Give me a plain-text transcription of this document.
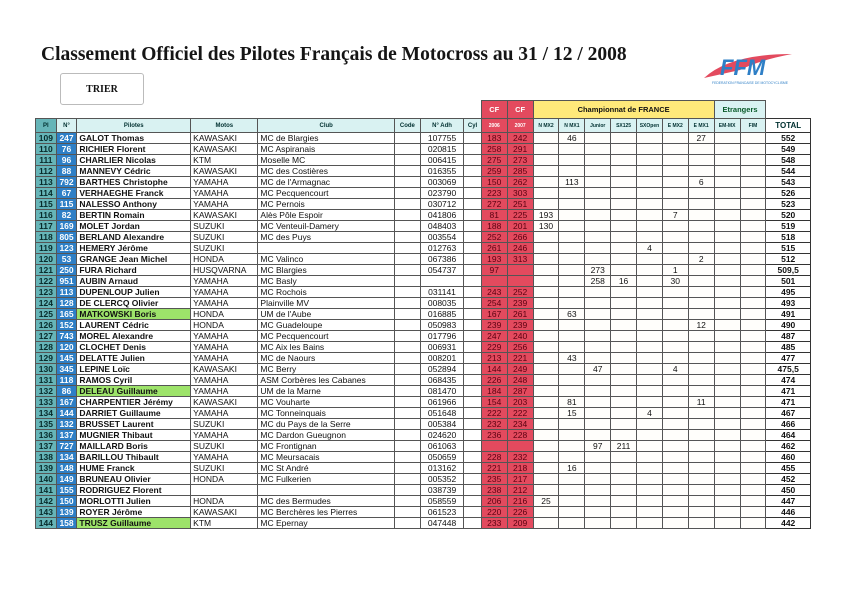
Classement Officiel des Pilotes Français de Motocross au 31 / 12 / 2008
TRIER
FFM
FEDERATION FRANCAISE DE MOTOCYCLISME
								CF	CF	Championnat de FRANCE							Etrangers		
Pl	N°	Pilotes	Motos	Club	Code	N° Adh	Cyl	2006	2007	N MX2	N MX1	Junior	SX125	SXOpen	E MX2	E MX1	EM-MX	FIM	TOTAL
109	247	GALOT Thomas	KAWASAKI	MC de Blargies		107755		183	242		46					27			552
110	76	RICHIER Florent	KAWASAKI	MC Aspiranais		020815		258	291										549
111	96	CHARLIER Nicolas	KTM	Moselle MC		006415		275	273										548
112	88	MANNEVY Cédric	KAWASAKI	MC des Costières		016355		259	285										544
113	792	BARTHES Christophe	YAMAHA	MC de l'Armagnac		003069		150	262		113					6			543
114	67	VERHAEGHE Franck	YAMAHA	MC Pecquencourt		023790		223	303										526
115	115	NALESSO Anthony	YAMAHA	MC Pernois		030712		272	251										523
116	82	BERTIN Romain	KAWASAKI	Alès Pôle Espoir		041806		81	225	193					7				520
117	169	MOLET Jordan	SUZUKI	MC Venteuil-Damery		048403		188	201	130									519
118	805	BERLAND Alexandre	SUZUKI	MC des Puys		003554		252	266										518
119	123	HEMERY Jérôme	SUZUKI			012763		261	246					4					515
120	53	GRANGE Jean Michel	HONDA	MC Valinco		067386		193	313							2			512
121	250	FURA Richard	HUSQVARNA	MC Blargies		054737		97				273			1				509,5
122	951	AUBIN Arnaud	YAMAHA	MC Basly								258	16		30				501
123	113	DUPENLOUP Julien	YAMAHA	MC Rochois		031141		243	252										495
124	128	DE CLERCQ Olivier	YAMAHA	Plainville MV		008035		254	239										493
125	165	MATKOWSKI Boris	HONDA	UM de l'Aube		016885		167	261		63								491
126	152	LAURENT Cédric	HONDA	MC Guadeloupe		050983		239	239							12			490
127	743	MOREL Alexandre	YAMAHA	MC Pecquencourt		017796		247	240										487
128	120	CLOCHET Denis	YAMAHA	MC Aix les Bains		006931		229	256										485
129	145	DELATTE Julien	YAMAHA	MC de Naours		008201		213	221		43								477
130	345	LEPINE Loïc	KAWASAKI	MC Berry		052894		144	249			47			4				475,5
131	118	RAMOS Cyril	YAMAHA	ASM Corbères les Cabanes		068435		226	248										474
132	86	DELEAU Guillaume	YAMAHA	UM de la Marne		081470		184	287										471
133	167	CHARPENTIER Jérémy	KAWASAKI	MC Vouharte		061966		154	203		81					11			471
134	144	DARRIET Guillaume	YAMAHA	MC Tonneinquais		051648		222	222		15			4					467
135	132	BRUSSET Laurent	SUZUKI	MC du Pays de la Serre		005384		232	234										466
136	137	MUGNIER Thibaut	YAMAHA	MC Dardon Gueugnon		024620		236	228										464
137	727	MAILLARD Boris	SUZUKI	MC Frontignan		061063						97	211						462
138	134	BARILLOU Thibault	YAMAHA	MC Meursacais		050659		228	232										460
139	148	HUME Franck	SUZUKI	MC St André		013162		221	218		16								455
140	149	BRUNEAU Olivier	HONDA	MC Fulkerien		005352		235	217										452
141	155	RODRIGUEZ Florent				038739		238	212										450
142	150	MORLOTTI Julien	HONDA	MC des Bermudes		058559		206	216	25									447
143	139	ROYER Jérôme	KAWASAKI	MC Berchères les Pierres		061523		220	226										446
144	158	TRUSZ Guillaume	KTM	MC Epernay		047448		233	209										442
